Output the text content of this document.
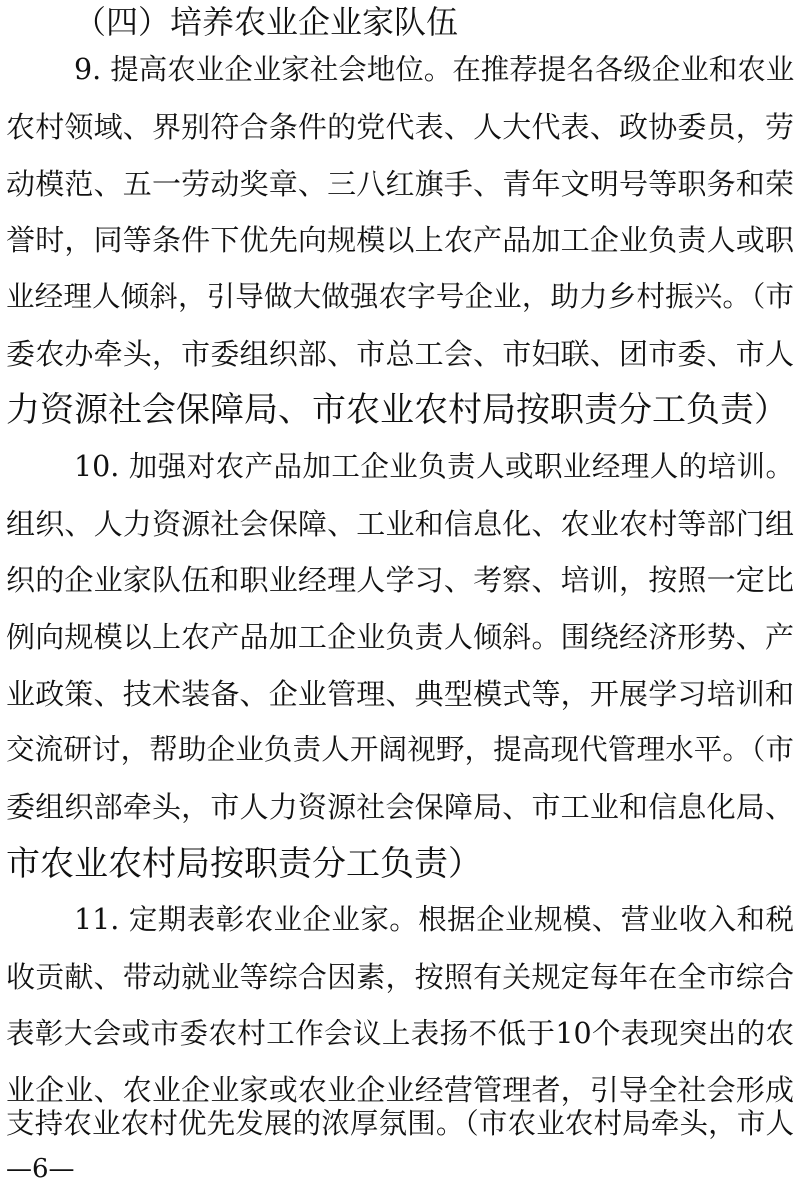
（四）培养农业企业家队伍
9. 提高农业企业家社会地位。在推荐提名各级企业和农业
农村领域、界别符合条件的党代表、人大代表、政协委员，劳
动模范、五一劳动奖章、三八红旗手、青年文明号等职务和荣
誉时，同等条件下优先向规模以上农产品加工企业负责人或职
业经理人倾斜，引导做大做强农字号企业，助力乡村振兴。（市
委农办牵头，市委组织部、市总工会、市妇联、团市委、市人
力资源社会保障局、市农业农村局按职责分工负责）
10. 加强对农产品加工企业负责人或职业经理人的培训。
组织、人力资源社会保障、工业和信息化、农业农村等部门组
织的企业家队伍和职业经理人学习、考察、培训，按照一定比
例向规模以上农产品加工企业负责人倾斜。围绕经济形势、产
业政策、技术装备、企业管理、典型模式等，开展学习培训和
交流研讨，帮助企业负责人开阔视野，提高现代管理水平。（市
委组织部牵头，市人力资源社会保障局、市工业和信息化局、
市农业农村局按职责分工负责）
11. 定期表彰农业企业家。根据企业规模、营业收入和税
收贡献、带动就业等综合因素，按照有关规定每年在全市综合
表彰大会或市委农村工作会议上表扬不低于10个表现突出的农
业企业、农业企业家或农业企业经营管理者，引导全社会形成
支持农业农村优先发展的浓厚氛围。（市农业农村局牵头，市人
—6—
